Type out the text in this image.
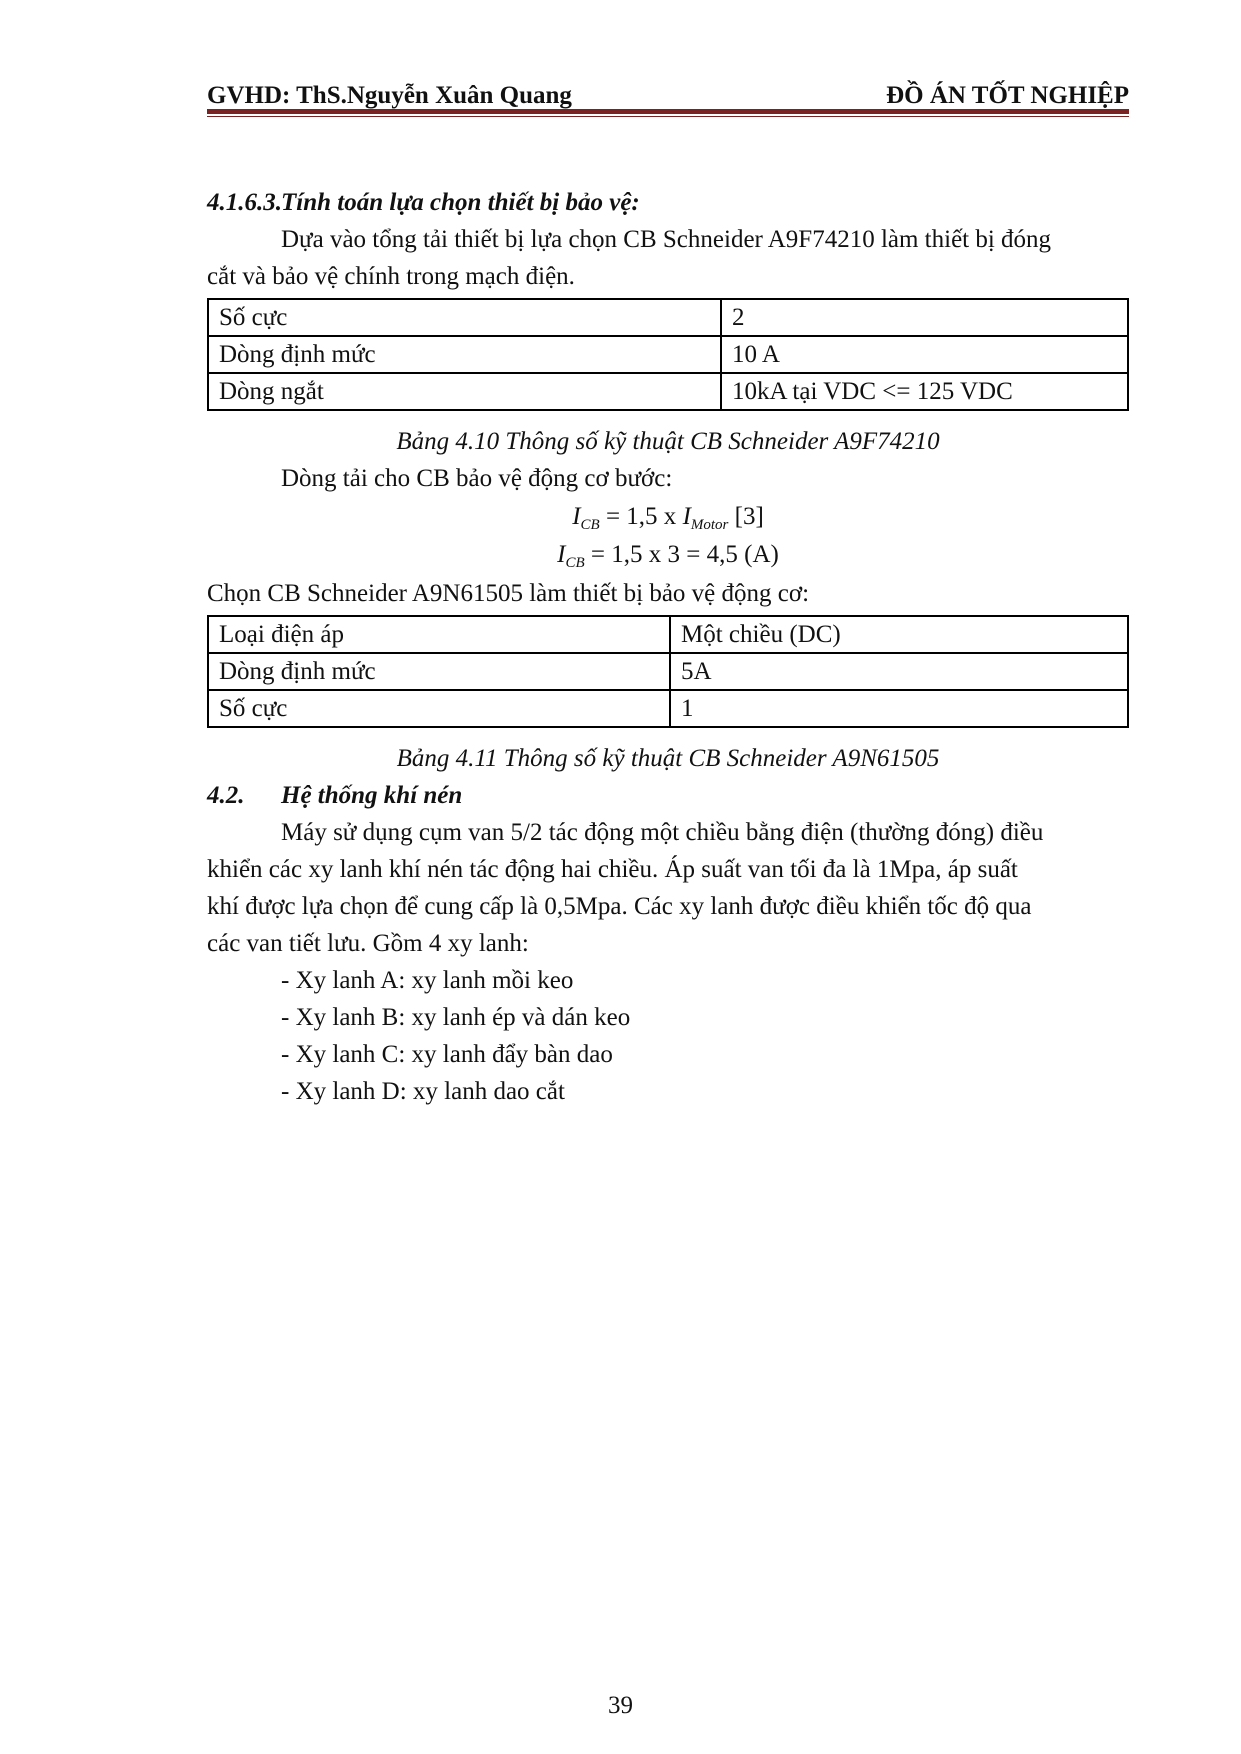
GVHD: ThS.Nguyễn Xuân Quang	ĐỒ ÁN TỐT NGHIỆP
4.1.6.3.Tính toán lựa chọn thiết bị bảo vệ:
Dựa vào tổng tải thiết bị lựa chọn CB Schneider A9F74210 làm thiết bị đóng
cắt và bảo vệ chính trong mạch điện.
Số cực	2
Dòng định mức	10 A
Dòng ngắt	10kA tại VDC <= 125 VDC
Bảng 4.10 Thông số kỹ thuật CB Schneider A9F74210
Dòng tải cho CB bảo vệ động cơ bước:
$I_{CB} = 1,5$ x $I_{Motor}$ [3]
$I_{CB} = 1,5$ x 3 = 4,5 (A)
Chọn CB Schneider A9N61505 làm thiết bị bảo vệ động cơ:
Loại điện áp	Một chiều (DC)
Dòng định mức	5A
Số cực	1
Bảng 4.11 Thông số kỹ thuật CB Schneider A9N61505
4.2. Hệ thống khí nén
Máy sử dụng cụm van 5/2 tác động một chiều bằng điện (thường đóng) điều
khiển các xy lanh khí nén tác động hai chiều. Áp suất van tối đa là 1Mpa, áp suất
khí được lựa chọn để cung cấp là 0,5Mpa. Các xy lanh được điều khiển tốc độ qua
các van tiết lưu. Gồm 4 xy lanh:
- Xy lanh A: xy lanh mồi keo
- Xy lanh B: xy lanh ép và dán keo
- Xy lanh C: xy lanh đẩy bàn dao
- Xy lanh D: xy lanh dao cắt
39
